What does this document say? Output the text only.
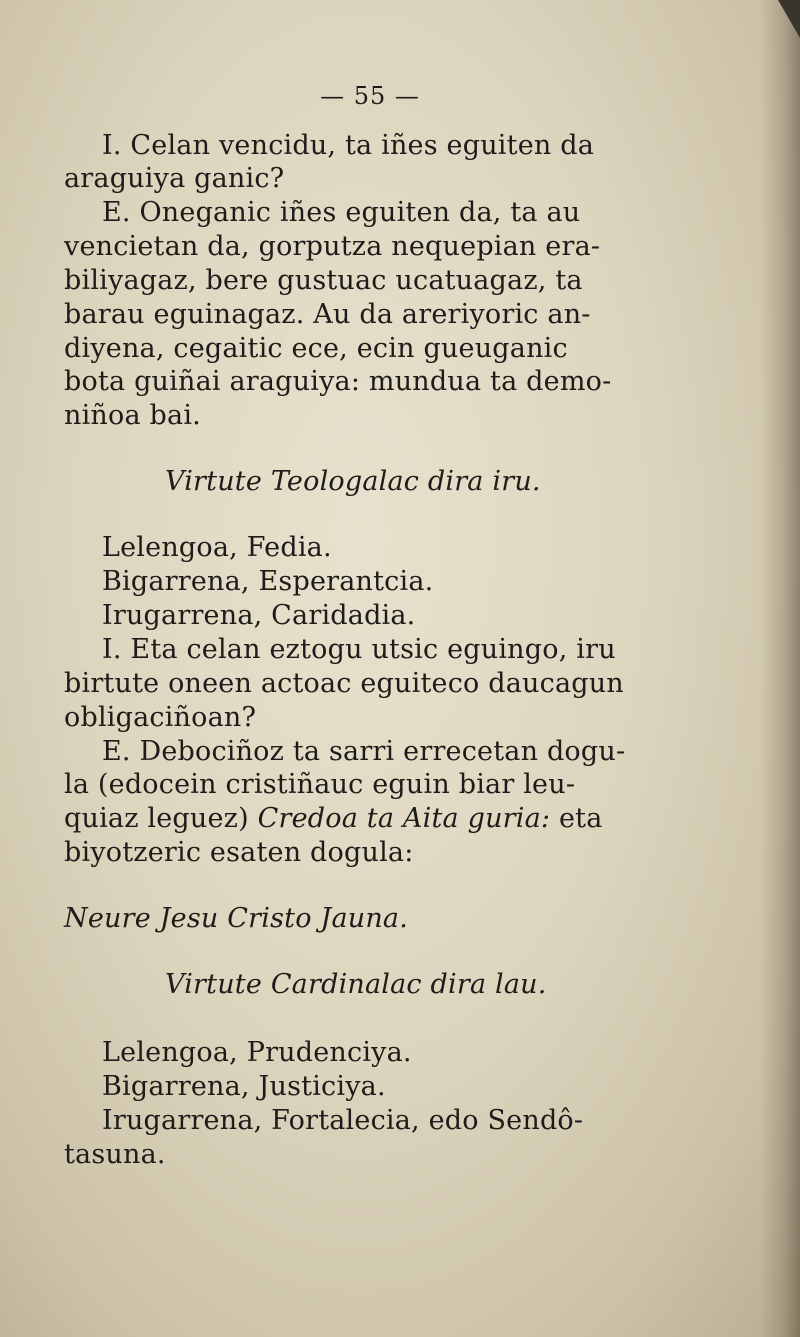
— 55 —
I. Celan vencidu, ta iñes eguiten da
araguiya ganic?
E. Oneganic iñes eguiten da, ta au
vencietan da, gorputza nequepian era-
biliyagaz, bere gustuac ucatuagaz, ta
barau eguinagaz. Au da areriyoric an-
diyena, cegaitic ece, ecin gueuganic
bota guiñai araguiya: mundua ta demo-
niñoa bai.
Virtute Teologalac dira iru.
Lelengoa, Fedia.
Bigarrena, Esperantcia.
Irugarrena, Caridadia.
I. Eta celan eztogu utsic eguingo, iru
birtute oneen actoac eguiteco daucagun
obligaciñoan?
E. Debociñoz ta sarri errecetan dogu-
la (edocein cristiñauc eguin biar leu-
quiaz leguez) Credoa ta Aita guria: eta
biyotzeric esaten dogula:
Neure Jesu Cristo Jauna.
Virtute Cardinalac dira lau.
Lelengoa, Prudenciya.
Bigarrena, Justiciya.
Irugarrena, Fortalecia, edo Sendô-
tasuna.
